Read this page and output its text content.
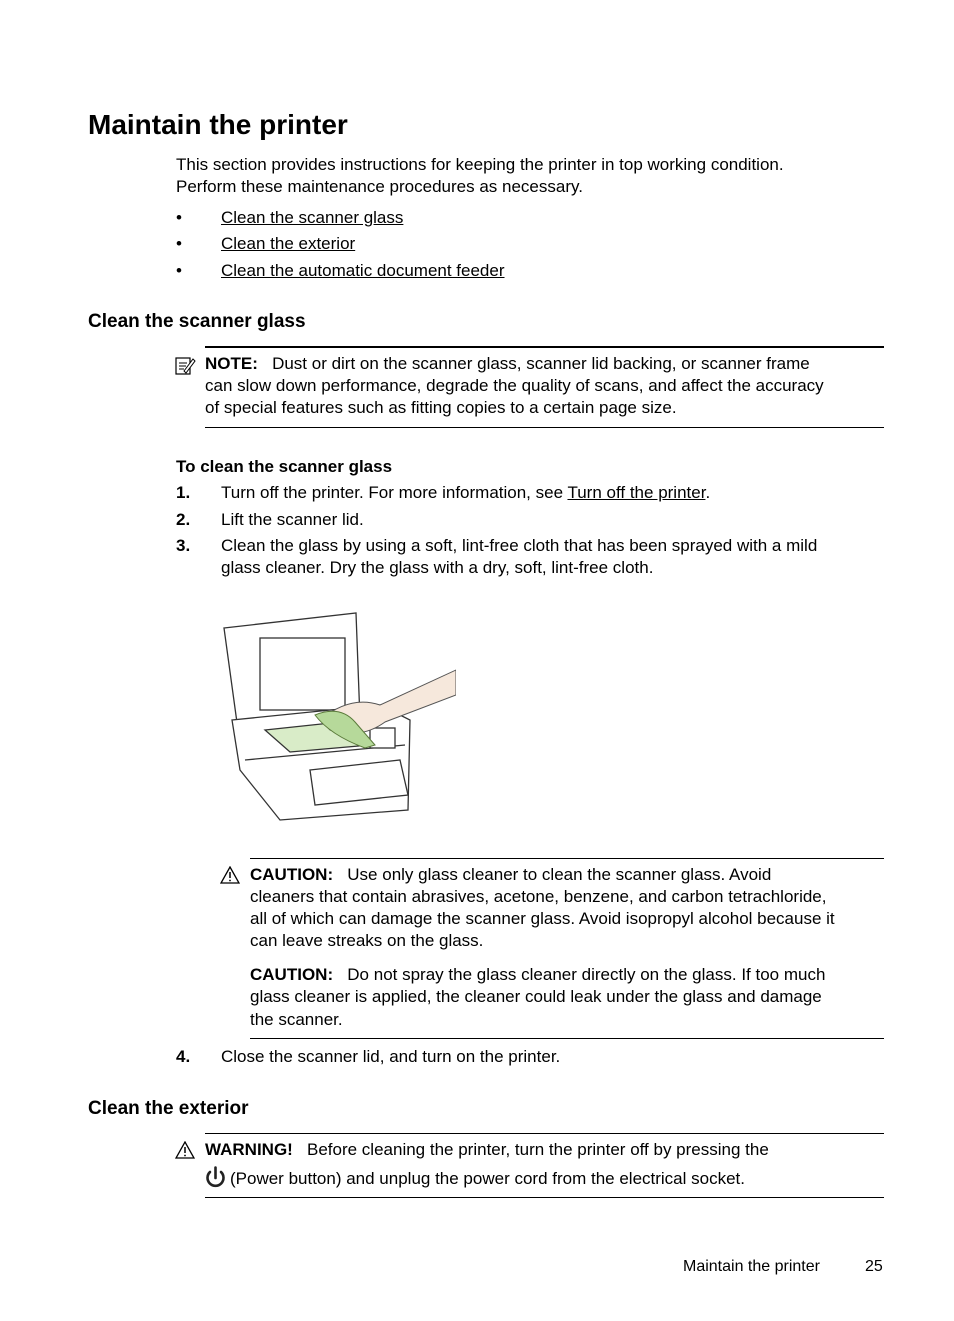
Maintain the printer
This section provides instructions for keeping the printer in top working condition.
Perform these maintenance procedures as necessary.
• Clean the scanner glass
• Clean the exterior
• Clean the automatic document feeder
Clean the scanner glass
NOTE: Dust or dirt on the scanner glass, scanner lid backing, or scanner frame
can slow down performance, degrade the quality of scans, and affect the accuracy
of special features such as fitting copies to a certain page size.
To clean the scanner glass
1. Turn off the printer. For more information, see Turn off the printer.
2. Lift the scanner lid.
3. Clean the glass by using a soft, lint-free cloth that has been sprayed with a mild
glass cleaner. Dry the glass with a dry, soft, lint-free cloth.
CAUTION: Use only glass cleaner to clean the scanner glass. Avoid
cleaners that contain abrasives, acetone, benzene, and carbon tetrachloride,
all of which can damage the scanner glass. Avoid isopropyl alcohol because it
can leave streaks on the glass.
CAUTION: Do not spray the glass cleaner directly on the glass. If too much
glass cleaner is applied, the cleaner could leak under the glass and damage
the scanner.
4. Close the scanner lid, and turn on the printer.
Clean the exterior
WARNING! Before cleaning the printer, turn the printer off by pressing the
(Power button) and unplug the power cord from the electrical socket.
Maintain the printer	25
